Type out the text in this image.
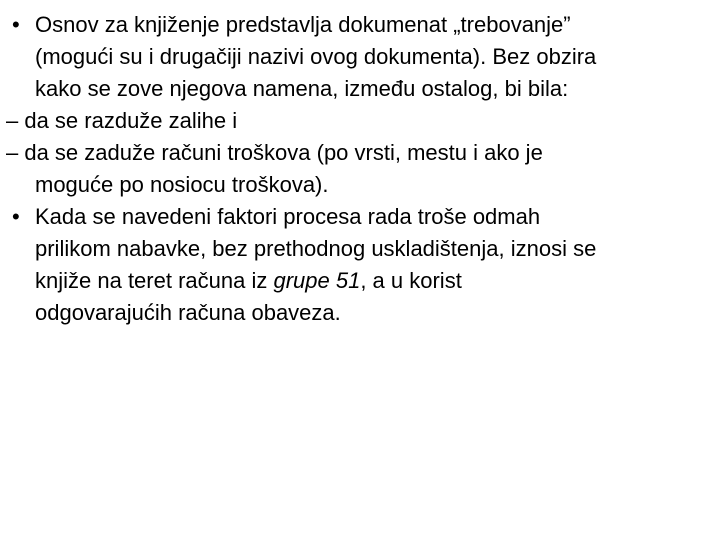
• Osnov za knjiženje predstavlja dokumenat „trebovanje”
(mogući su i drugačiji nazivi ovog dokumenta). Bez obzira
kako se zove njegova namena, između ostalog, bi bila:

– da se razduže zalihe i

– da se zaduže računi troškova (po vrsti, mestu i ako je
moguće po nosiocu troškova).

• Kada se navedeni faktori procesa rada troše odmah
prilikom nabavke, bez prethodnog uskladištenja, iznosi se
knjiže na teret računa iz grupe 51, a u korist
odgovarajućih računa obaveza.
